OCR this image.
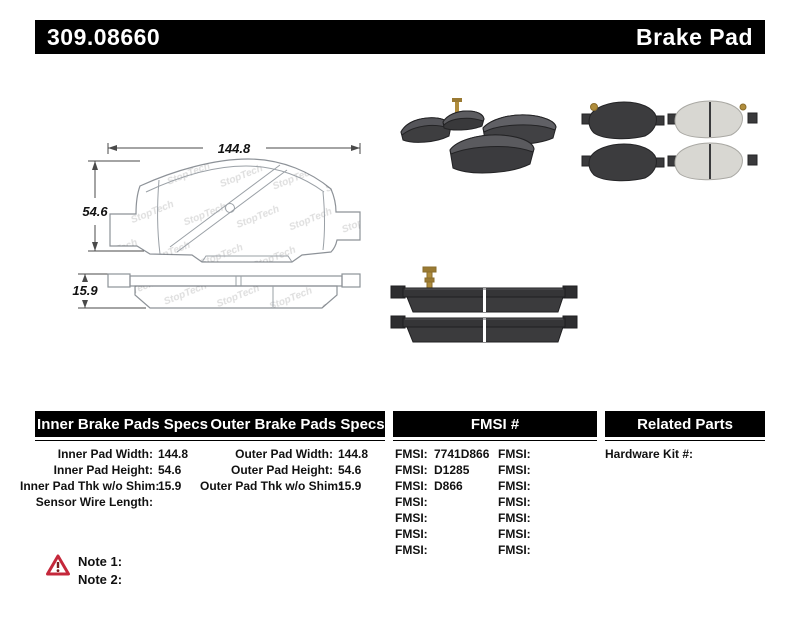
309.08660	Brake Pad
144.8
54.6
15.9
Inner Brake Pads Specs Outer Brake Pads Specs	FMSI #	Related Parts
Inner Pad Width: 144.8
Inner Pad Height: 54.6
Inner Pad Thk w/o Shim:15.9
Sensor Wire Length:
Outer Pad Width: 144.8
Outer Pad Height: 54.6
Outer Pad Thk w/o Shim:15.9
FMSI: 7741D866
FMSI: D1285
FMSI: D866
FMSI:
FMSI:
FMSI:
FMSI:
FMSI:
FMSI:
FMSI:
FMSI:
FMSI:
FMSI:
FMSI:
Hardware Kit #:
Note 1:
Note 2:
